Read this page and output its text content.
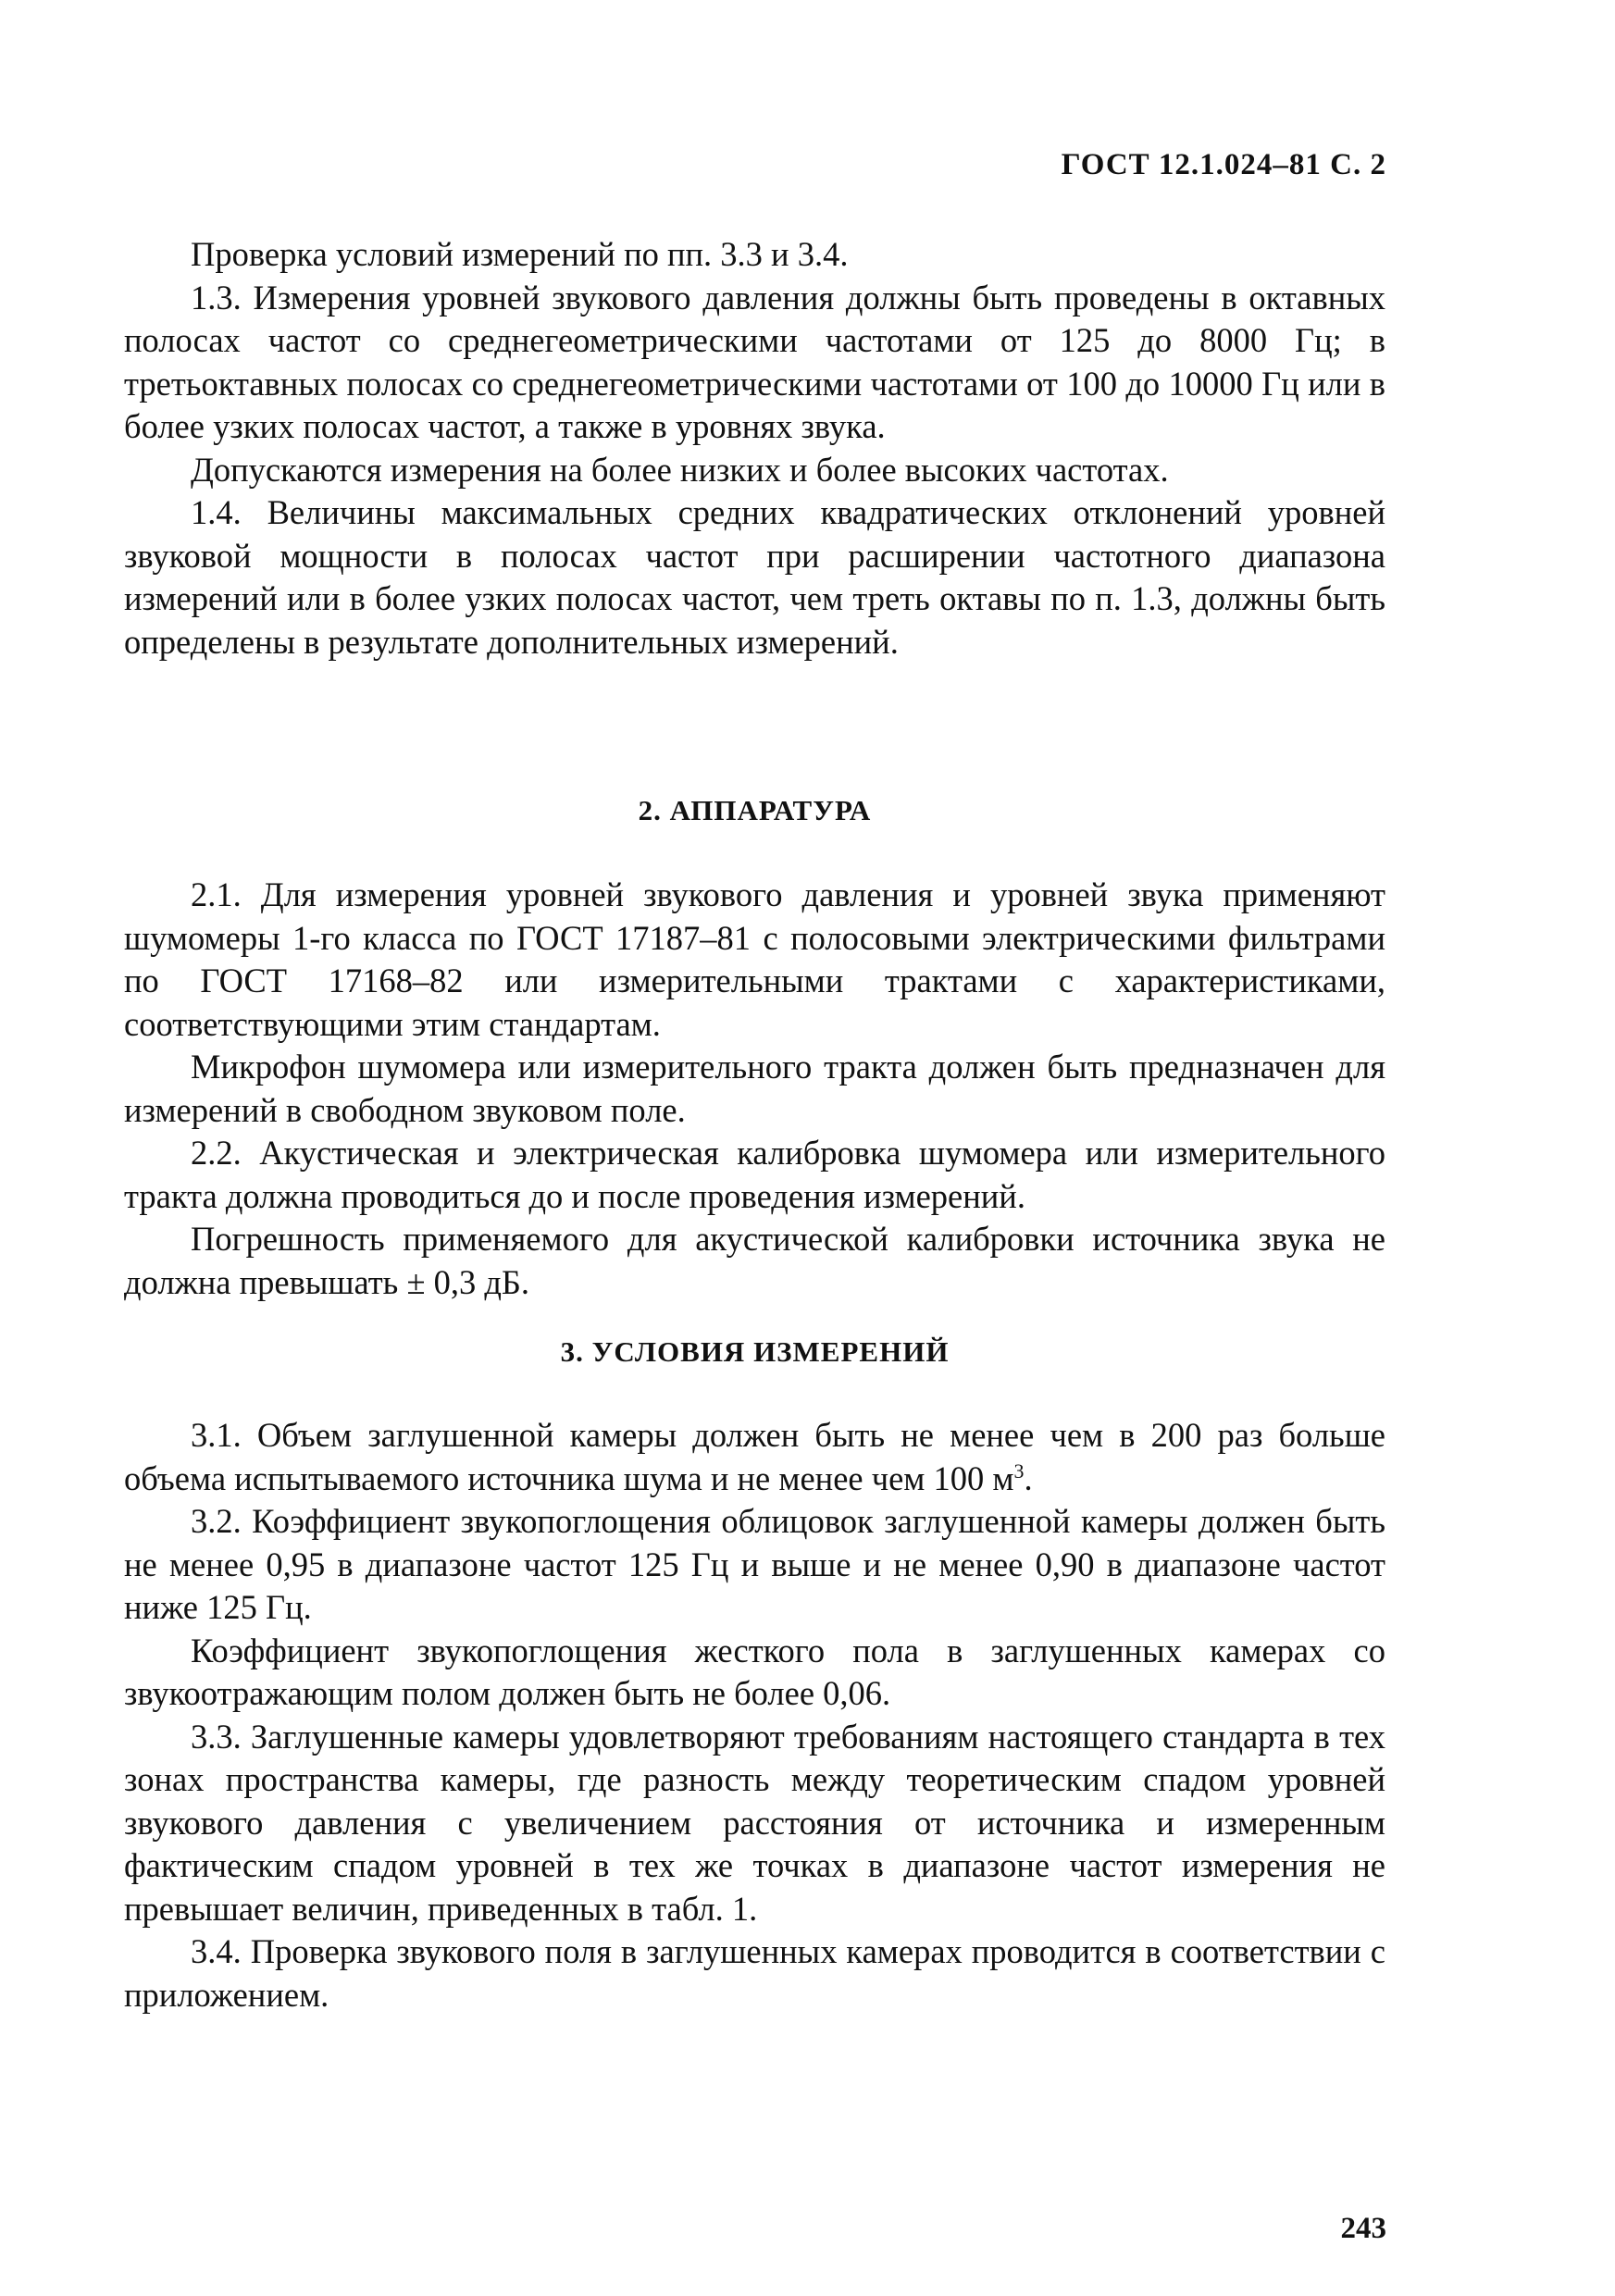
ГОСТ 12.1.024–81 С. 2

Проверка условий измерений по пп. 3.3 и 3.4.

1.3. Измерения уровней звукового давления должны быть проведены в октавных полосах частот со среднегеометрическими частотами от 125 до 8000 Гц; в третьоктавных полосах со среднегеометрическими частотами от 100 до 10000 Гц или в более узких полосах частот, а также в уровнях звука.

Допускаются измерения на более низких и более высоких частотах.

1.4. Величины максимальных средних квадратических отклонений уровней звуковой мощности в полосах частот при расширении частотного диапазона измерений или в более узких полосах частот, чем треть октавы по п. 1.3, должны быть определены в результате дополнительных измерений.

2. АППАРАТУРА

2.1. Для измерения уровней звукового давления и уровней звука применяют шумомеры 1-го класса по ГОСТ 17187–81 с полосовыми электрическими фильтрами по ГОСТ 17168–82 или измерительными трактами с характеристиками, соответствующими этим стандартам.

Микрофон шумомера или измерительного тракта должен быть предназначен для измерений в свободном звуковом поле.

2.2. Акустическая и электрическая калибровка шумомера или измерительного тракта должна проводиться до и после проведения измерений.

Погрешность применяемого для акустической калибровки источника звука не должна превышать ± 0,3 дБ.

3. УСЛОВИЯ ИЗМЕРЕНИЙ

3.1. Объем заглушенной камеры должен быть не менее чем в 200 раз больше объема испытываемого источника шума и не менее чем 100 $м^3$.

3.2. Коэффициент звукопоглощения облицовок заглушенной камеры должен быть не менее 0,95 в диапазоне частот 125 Гц и выше и не менее 0,90 в диапазоне частот ниже 125 Гц.

Коэффициент звукопоглощения жесткого пола в заглушенных камерах со звукоотражающим полом должен быть не более 0,06.

3.3. Заглушенные камеры удовлетворяют требованиям настоящего стандарта в тех зонах пространства камеры, где разность между теоретическим спадом уровней звукового давления с увеличением расстояния от источника и измеренным фактическим спадом уровней в тех же точках в диапазоне частот измерения не превышает величин, приведенных в табл. 1.

3.4. Проверка звукового поля в заглушенных камерах проводится в соответствии с приложением.

243
